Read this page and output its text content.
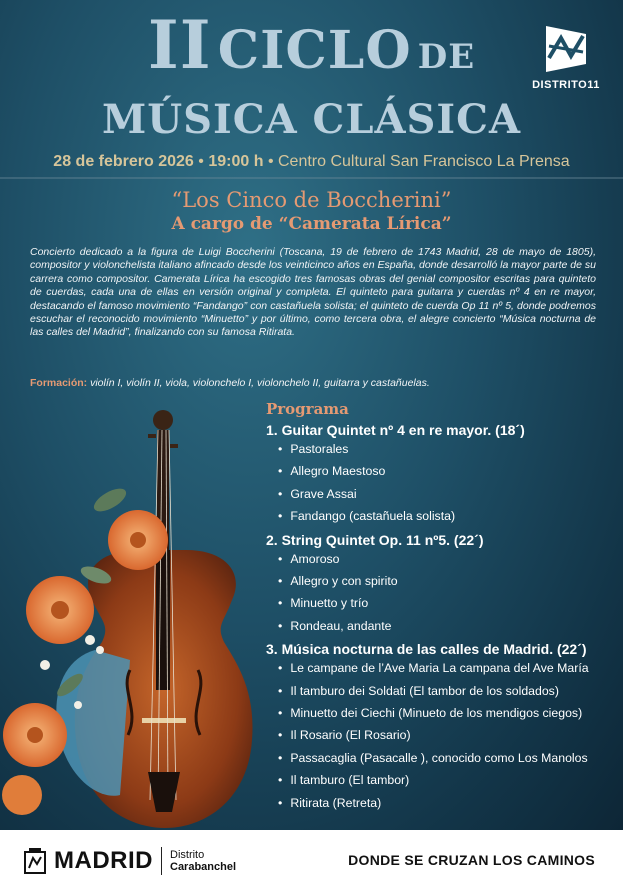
II CICLO DE
MÚSICA CLÁSICA
DISTRITO11
28 de febrero 2026 • 19:00 h • Centro Cultural San Francisco La Prensa
“Los Cinco de Boccherini”
A cargo de “Camerata Lírica”
Concierto dedicado a la figura de Luigi Boccherini (Toscana, 19 de febrero de 1743 Madrid, 28 de mayo de 1805), compositor y violonchelista italiano afincado desde los veinticinco años en España, donde desarrolló la mayor parte de su carrera como compositor. Camerata Lírica ha escogido tres famosas obras del genial compositor escritas para quinteto de cuerdas, cada una de ellas en versión original y completa. El quinteto para guitarra y cuerdas nº 4 en re mayor, destacando el famoso movimiento “Fandango” con castañuela solista; el quinteto de cuerda Op 11 nº 5, donde podremos escuchar el reconocido movimiento “Minuetto” y por último, como tercera obra, el alegre concierto “Música nocturna de las calles del Madrid”, finalizando con su famosa Ritirata.
Formación: violín I, violín II, viola, violonchelo I, violonchelo II, guitarra y castañuelas.
Programa
1. Guitar Quintet nº 4 en re mayor. (18´)
• Pastorales
• Allegro Maestoso
• Grave Assai
• Fandango (castañuela solista)
2. String Quintet Op. 11 nº5. (22´)
• Amoroso
• Allegro y con spirito
• Minuetto y trío
• Rondeau, andante
3. Música nocturna de las calles de Madrid. (22´)
• Le campane de l’Ave Maria La campana del Ave María
• Il tamburo dei Soldati (El tambor de los soldados)
• Minuetto dei Ciechi (Minueto de los mendigos ciegos)
• Il Rosario (El Rosario)
• Passacaglia (Pasacalle ), conocido como Los Manolos
• Il tamburo (El tambor)
• Ritirata (Retreta)
MADRID Distrito
Carabanchel	DONDE SE CRUZAN LOS CAMINOS
